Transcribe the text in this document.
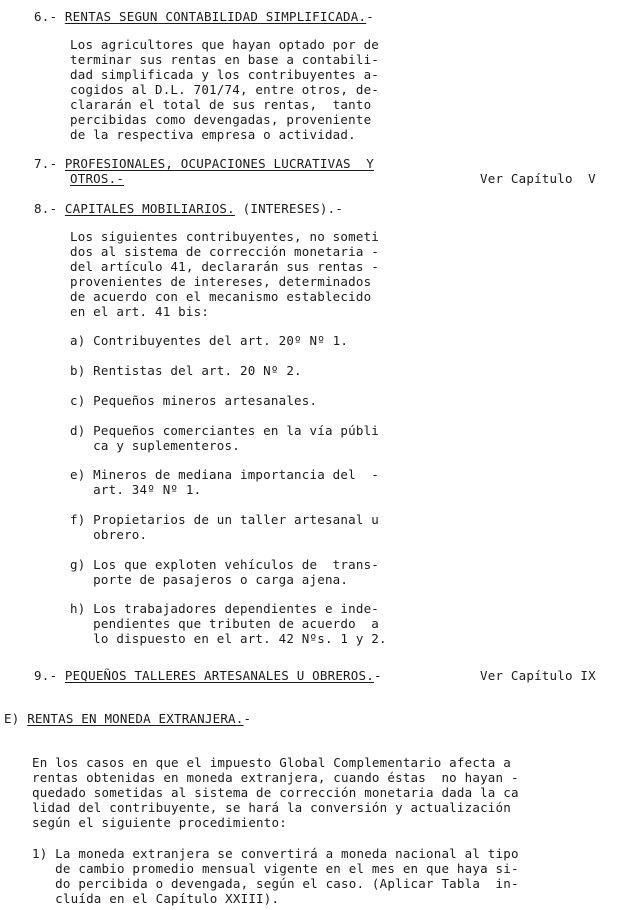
6.- RENTAS SEGUN CONTABILIDAD SIMPLIFICADA.-
Los agricultores que hayan optado por de
terminar sus rentas en base a contabili-
dad simplificada y los contribuyentes a-
cogidos al D.L. 701/74, entre otros, de-
clararán el total de sus rentas,  tanto
percibidas como devengadas, proveniente
de la respectiva empresa o actividad.
7.- PROFESIONALES, OCUPACIONES LUCRATIVAS  Y
OTROS.-	Ver Capítulo  V
8.- CAPITALES MOBILIARIOS. (INTERESES).-
Los siguientes contribuyentes, no someti
dos al sistema de corrección monetaria -
del artículo 41, declararán sus rentas -
provenientes de intereses, determinados
de acuerdo con el mecanismo establecido
en el art. 41 bis:
a) Contribuyentes del art. 20º Nº 1.
b) Rentistas del art. 20 Nº 2.
c) Pequeños mineros artesanales.
d) Pequeños comerciantes en la vía públi
ca y suplementeros.
e) Mineros de mediana importancia del  -
art. 34º Nº 1.
f) Propietarios de un taller artesanal u
obrero.
g) Los que exploten vehículos de  trans-
porte de pasajeros o carga ajena.
h) Los trabajadores dependientes e inde-
pendientes que tributen de acuerdo  a
lo dispuesto en el art. 42 Nºs. 1 y 2.
9.- PEQUEÑOS TALLERES ARTESANALES U OBREROS.-	Ver Capítulo IX
E) RENTAS EN MONEDA EXTRANJERA.-
En los casos en que el impuesto Global Complementario afecta a
rentas obtenidas en moneda extranjera, cuando éstas  no hayan -
quedado sometidas al sistema de corrección monetaria dada la ca
lidad del contribuyente, se hará la conversión y actualización
según el siguiente procedimiento:
1) La moneda extranjera se convertirá a moneda nacional al tipo
de cambio promedio mensual vigente en el mes en que haya si-
do percibida o devengada, según el caso. (Aplicar Tabla  in-
cluída en el Capítulo XXIII).
